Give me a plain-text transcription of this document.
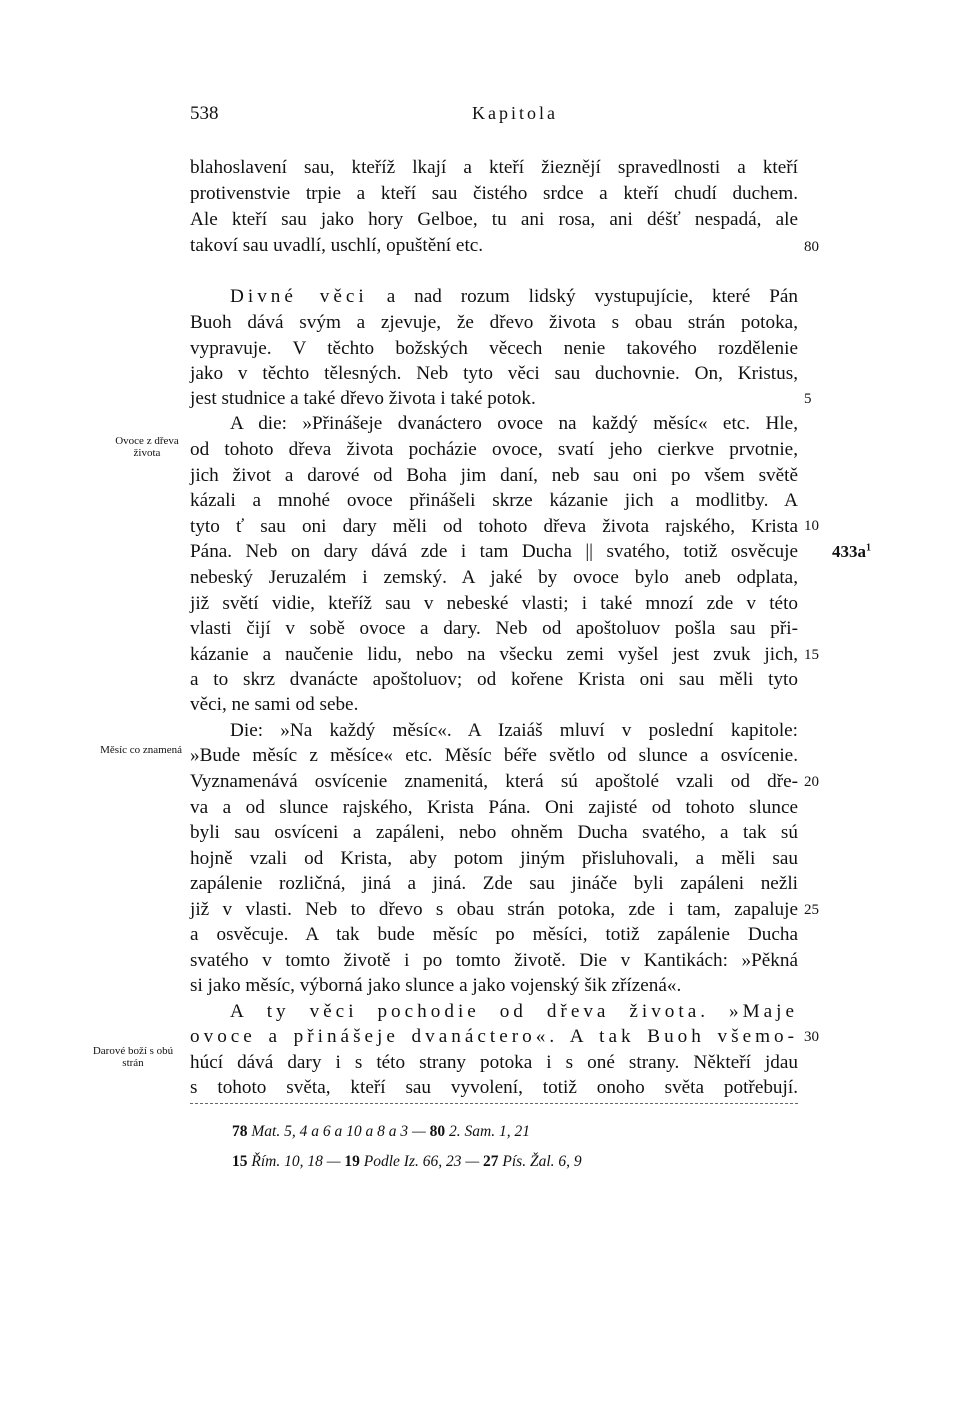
538	Kapitola
blahoslavení sau, kteříž lkají a kteří žieznějí spravedlnosti a kteří
protivenstvie trpie a kteří sau čistého srdce a kteří chudí duchem.
Ale kteří sau jako hory Gelboe, tu ani rosa, ani déšť nespadá, ale
takoví sau uvadlí, uschlí, opuštění etc.
Divné věci a nad rozum lidský vystupujície, které Pán
Buoh dává svým a zjevuje, že dřevo života s obau strán potoka,
vypravuje. V těchto božských věcech nenie takového rozdělenie
jako v těchto tělesných. Neb tyto věci sau duchovnie. On, Kristus,
jest studnice a také dřevo života i také potok.
A die: »Přinášeje dvanáctero ovoce na každý měsíc« etc. Hle,
od tohoto dřeva života pocházie ovoce, svatí jeho cierkve prvotnie,
jich život a darové od Boha jim daní, neb sau oni po všem světě
kázali a mnohé ovoce přinášeli skrze kázanie jich a modlitby. A
tyto ť sau oni dary měli od tohoto dřeva života rajského, Krista
Pána. Neb on dary dává zde i tam Ducha || svatého, totiž osvěcuje
nebeský Jeruzalém i zemský. A jaké by ovoce bylo aneb odplata,
již světí vidie, kteříž sau v nebeské vlasti; i také mnozí zde v této
vlasti čijí v sobě ovoce a dary. Neb od apoštoluov pošla sau při-
kázanie a naučenie lidu, nebo na všecku zemi vyšel jest zvuk jich,
a to skrz dvanácte apoštoluov; od kořene Krista oni sau měli tyto
věci, ne sami od sebe.
Die: »Na každý měsíc«. A Izaiáš mluví v poslední kapitole:
»Bude měsíc z měsíce« etc. Měsíc béře světlo od slunce a osvícenie.
Vyznamenává osvícenie znamenitá, která sú apoštolé vzali od dře-
va a od slunce rajského, Krista Pána. Oni zajisté od tohoto slunce
byli sau osvíceni a zapáleni, nebo ohněm Ducha svatého, a tak sú
hojně vzali od Krista, aby potom jiným přisluhovali, a měli sau
zapálenie rozličná, jiná a jiná. Zde sau jináče byli zapáleni nežli
již v vlasti. Neb to dřevo s obau strán potoka, zde i tam, zapaluje
a osvěcuje. A tak bude měsíc po měsíci, totiž zapálenie Ducha
svatého v tomto životě i po tomto životě. Die v Kantikách: »Pěkná
si jako měsíc, výborná jako slunce a jako vojenský šik zřízená«.
A ty věci pochodie od dřeva života. »Maje
ovoce a přinášeje dvanáctero«. A tak Buoh všemo-
húcí dává dary i s této strany potoka i s oné strany. Někteří jdau
s tohoto světa, kteří sau vyvolení, totiž onoho světa potřebují.
80
5
10
15
20
25
30
$433a^1$
Ovoce z dřeva života
Měsíc co znamená
Darové boží s obú strán
78 Mat. 5, 4 a 6 a 10 a 8 a 3 — 80 2. Sam. 1, 21
15 Řím. 10, 18 — 19 Podle Iz. 66, 23 — 27 Pís. Žal. 6, 9
